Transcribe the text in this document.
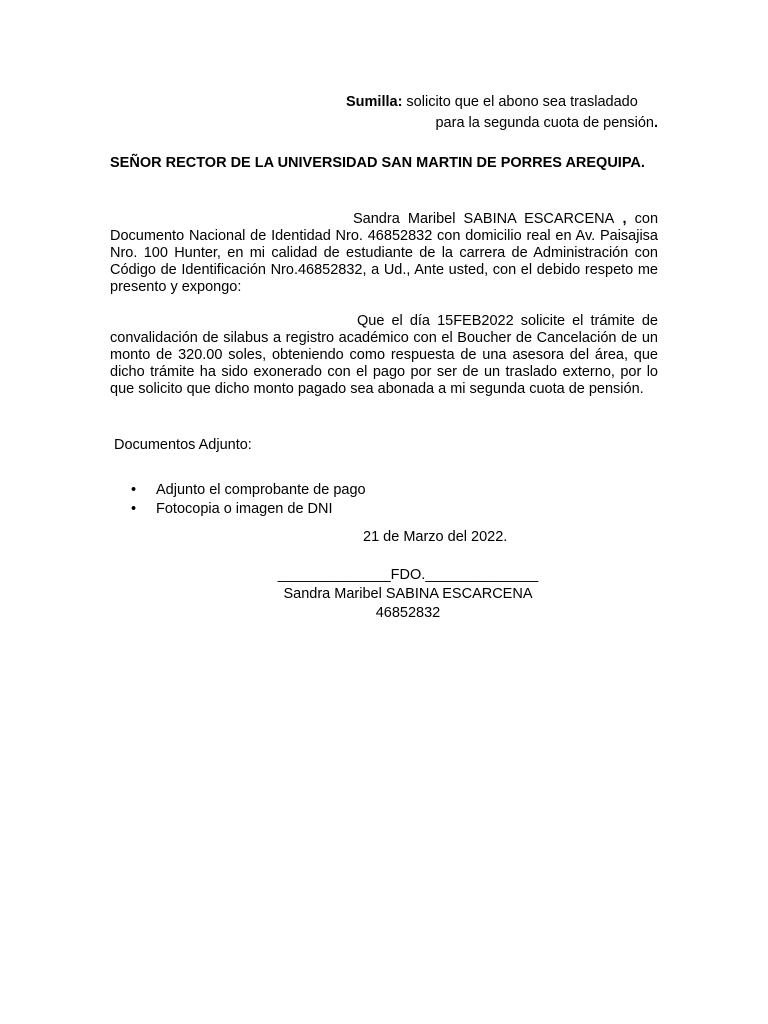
Sumilla: solicito que el abono sea trasladado
para la segunda cuota de pensión.
SEÑOR RECTOR DE LA UNIVERSIDAD SAN MARTIN DE PORRES AREQUIPA.
Sandra Maribel SABINA ESCARCENA , con Documento Nacional de Identidad Nro. 46852832 con domicilio real en Av. Paisajisa Nro. 100 Hunter, en mi calidad de estudiante de la carrera de Administración con Código de Identificación Nro.46852832, a Ud., Ante usted, con el debido respeto me presento y expongo:
Que el día 15FEB2022 solicite el trámite de convalidación de silabus a registro académico con el Boucher de Cancelación de un monto de 320.00 soles, obteniendo como respuesta de una asesora del área, que dicho trámite ha sido exonerado con el pago por ser de un traslado externo, por lo que solicito que dicho monto pagado sea abonada a mi segunda cuota de pensión.
Documentos Adjunto:
• Adjunto el comprobante de pago
• Fotocopia o imagen de DNI
21 de Marzo del 2022.
______________FDO.______________
Sandra Maribel SABINA ESCARCENA
46852832
